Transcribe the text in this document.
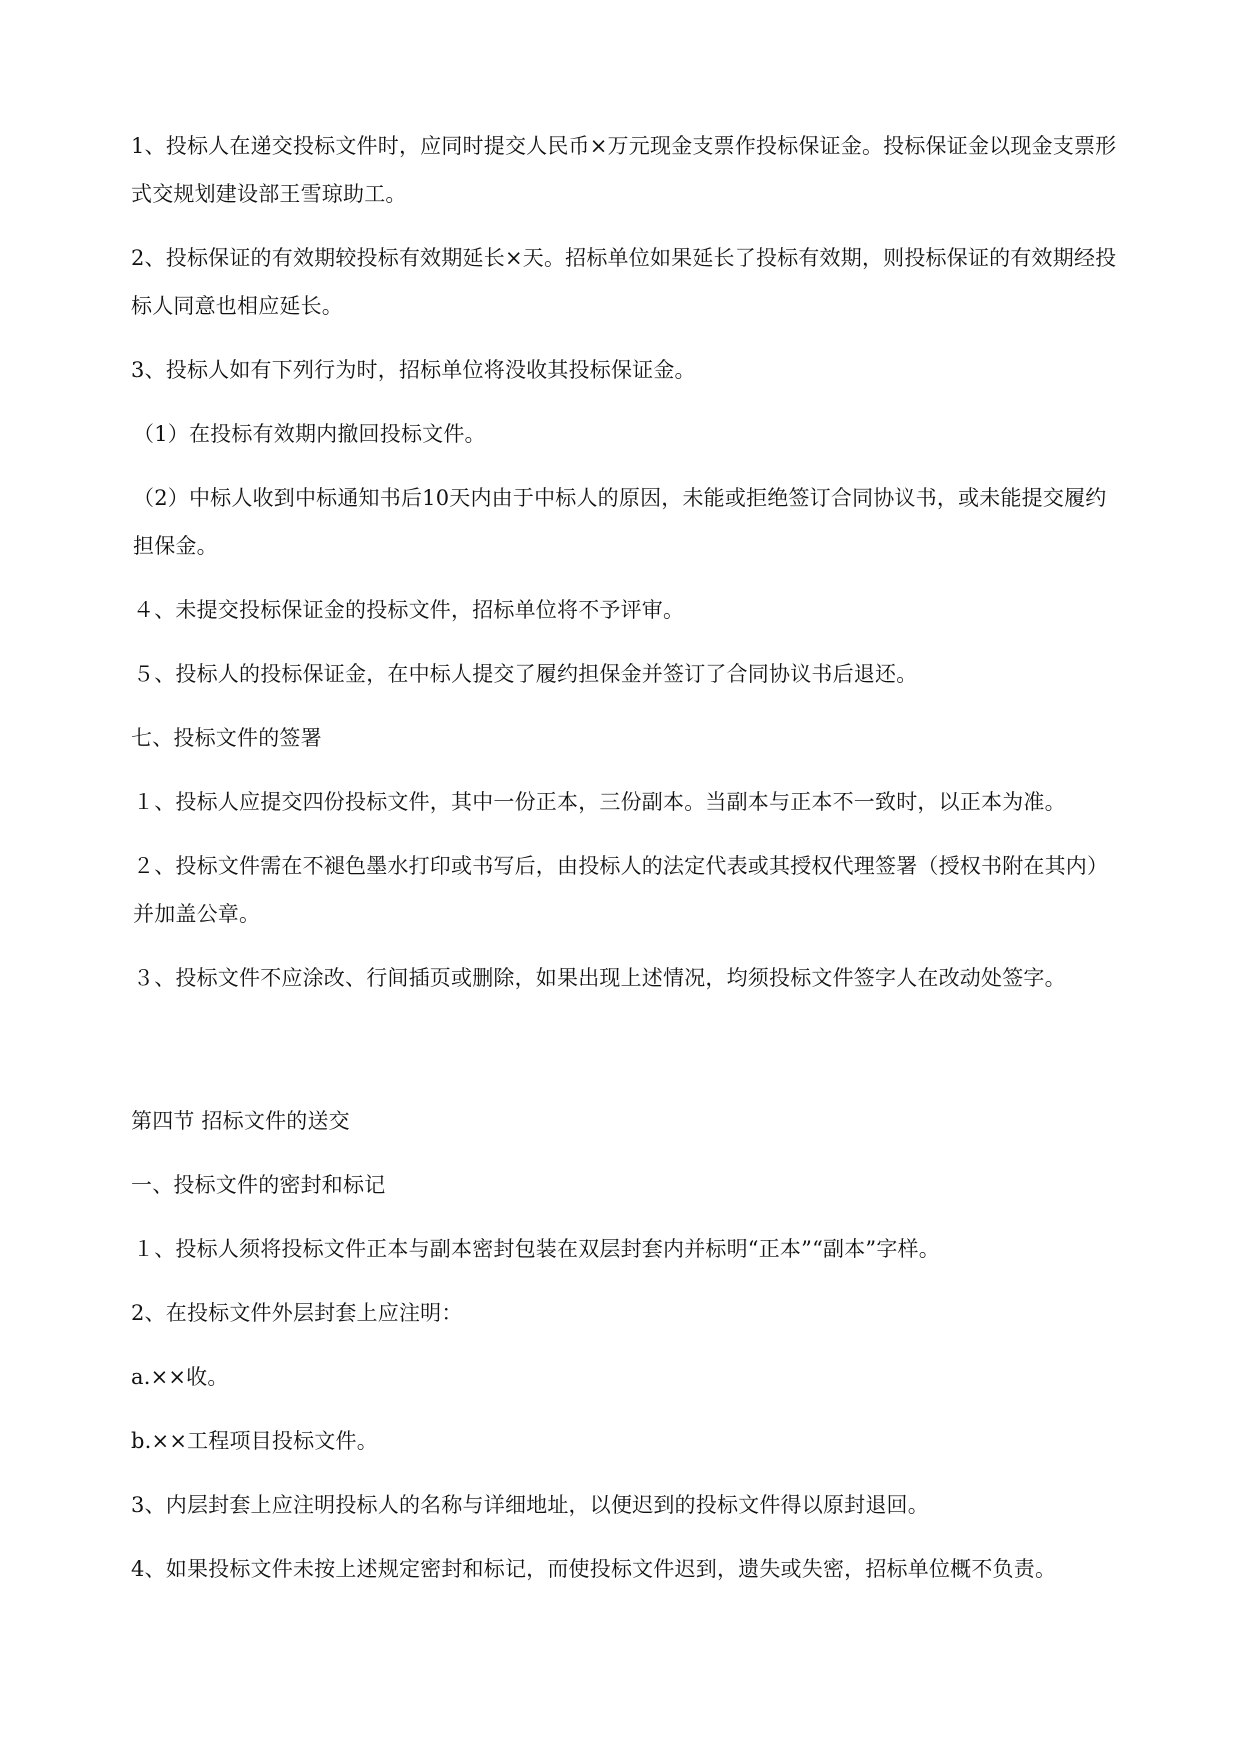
1、投标人在递交投标文件时，应同时提交人民币×万元现金支票作投标保证金。投标保证金以现金支票形式交规划建设部王雪琼助工。

2、投标保证的有效期较投标有效期延长×天。招标单位如果延长了投标有效期，则投标保证的有效期经投标人同意也相应延长。

3、投标人如有下列行为时，招标单位将没收其投标保证金。

（1）在投标有效期内撤回投标文件。

（2）中标人收到中标通知书后10天内由于中标人的原因，未能或拒绝签订合同协议书，或未能提交履约担保金。

４、未提交投标保证金的投标文件，招标单位将不予评审。

５、投标人的投标保证金，在中标人提交了履约担保金并签订了合同协议书后退还。

七、投标文件的签署

１、投标人应提交四份投标文件，其中一份正本，三份副本。当副本与正本不一致时，以正本为准。

２、投标文件需在不褪色墨水打印或书写后，由投标人的法定代表或其授权代理签署（授权书附在其内）并加盖公章。

３、投标文件不应涂改、行间插页或删除，如果出现上述情况，均须投标文件签字人在改动处签字。

第四节 招标文件的送交

一、投标文件的密封和标记

１、投标人须将投标文件正本与副本密封包装在双层封套内并标明“正本”“副本”字样。

2、在投标文件外层封套上应注明：

a.××收。

b.××工程项目投标文件。

3、内层封套上应注明投标人的名称与详细地址，以便迟到的投标文件得以原封退回。

4、如果投标文件未按上述规定密封和标记，而使投标文件迟到，遗失或失密，招标单位概不负责。
